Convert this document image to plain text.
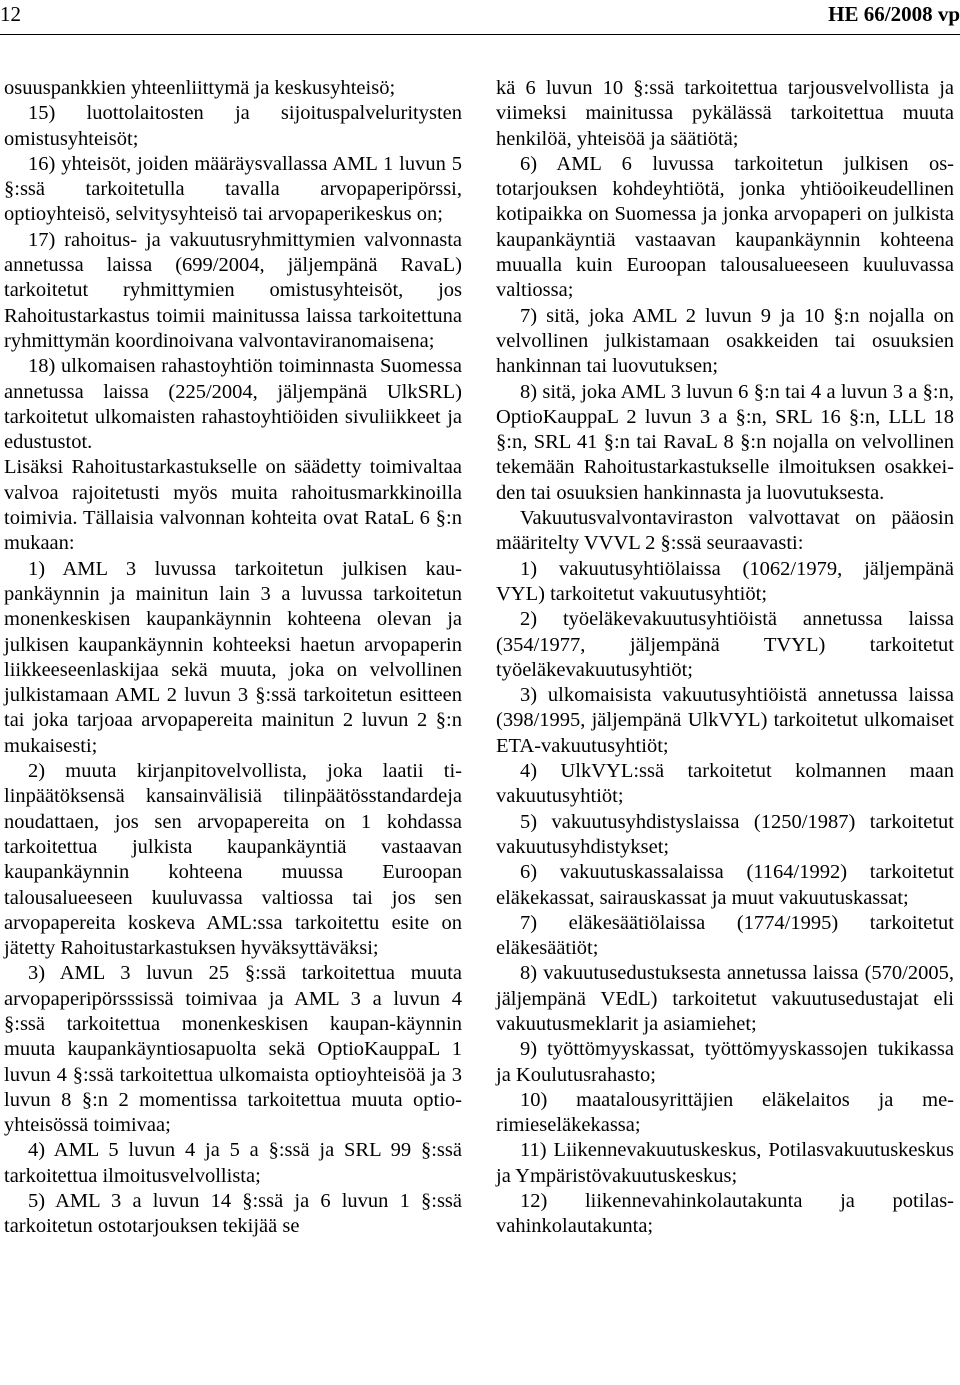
12	HE 66/2008 vp

osuuspankkien yhteenliittymä ja keskusyhteisö;

15) luottolaitosten ja sijoituspalveluritysten omistusyhteisöt;

16) yhteisöt, joiden määräysvallassa AML 1 luvun 5 §:ssä tarkoitetulla tavalla arvopaperipörssi, optioyhteisö, selvitysyhteisö tai arvopaperikeskus on;

17) rahoitus- ja vakuutusryhmittymien valvonnasta annetussa laissa (699/2004, jäljempänä RavaL) tarkoitetut ryhmittymien omistusyhteisöt, jos Rahoitustarkastus toimii mainitussa laissa tarkoitettuna ryhmittymän koordinoivana valvontaviranomaisena;

18) ulkomaisen rahastoyhtiön toiminnasta Suomessa annetussa laissa (225/2004, jäljempänä UlkSRL) tarkoitetut ulkomaisten rahastoyhtiöiden sivuliikkeet ja edustustot.

Lisäksi Rahoitustarkastukselle on säädetty toimivaltaa valvoa rajoitetusti myös muita rahoitusmarkkinoilla toimivia. Tällaisia valvonnan kohteita ovat RataL 6 §:n mukaan:

1) AML 3 luvussa tarkoitetun julkisen kaupankäynnin ja mainitun lain 3 a luvussa tarkoitetun monenkeskisen kaupankäynnin kohteena olevan ja julkisen kaupankäynnin kohteeksi haetun arvopaperin liikkeeseenlaskijaa sekä muuta, joka on velvollinen julkistamaan AML 2 luvun 3 §:ssä tarkoitetun esitteen tai joka tarjoaa arvopapereita mainitun 2 luvun 2 §:n mukaisesti;

2) muuta kirjanpitovelvollista, joka laatii tilinpäätöksensä kansainvälisiä tilinpäätösstandardeja noudattaen, jos sen arvopapereita on 1 kohdassa tarkoitettua julkista kaupankäyntiä vastaavan kaupankäynnin kohteena muussa Euroopan talousalueeseen kuuluvassa valtiossa tai jos sen arvopapereita koskeva AML:ssa tarkoitettu esite on jätetty Rahoitustarkastuksen hyväksyttäväksi;

3) AML 3 luvun 25 §:ssä tarkoitettua muuta arvopaperipörsssissä toimivaa ja AML 3 a luvun 4 §:ssä tarkoitettua monenkeskisen kaupan-käynnin muuta kaupankäyntiosapuolta sekä OptioKauppaL 1 luvun 4 §:ssä tarkoitettua ulkomaista optioyhteisöä ja 3 luvun 8 §:n 2 momentissa tarkoitettua muuta optioyhteisössä toimivaa;

4) AML 5 luvun 4 ja 5 a §:ssä ja SRL 99 §:ssä tarkoitettua ilmoitusvelvollista;

5) AML 3 a luvun 14 §:ssä ja 6 luvun 1 §:ssä tarkoitetun ostotarjouksen tekijää se

kä 6 luvun 10 §:ssä tarkoitettua tarjousvelvollista ja viimeksi mainitussa pykälässä tarkoitettua muuta henkilöä, yhteisöä ja säätiötä;

6) AML 6 luvussa tarkoitetun julkisen ostotarjouksen kohdeyhtiötä, jonka yhtiöoikeudellinen kotipaikka on Suomessa ja jonka arvopaperi on julkista kaupankäyntiä vastaavan kaupankäynnin kohteena muualla kuin Euroopan talousalueeseen kuuluvassa valtiossa;

7) sitä, joka AML 2 luvun 9 ja 10 §:n nojalla on velvollinen julkistamaan osakkeiden tai osuuksien hankinnan tai luovutuksen;

8) sitä, joka AML 3 luvun 6 §:n tai 4 a luvun 3 a §:n, OptioKauppaL 2 luvun 3 a §:n, SRL 16 §:n, LLL 18 §:n, SRL 41 §:n tai RavaL 8 §:n nojalla on velvollinen tekemään Rahoitustarkastukselle ilmoituksen osakkeiden tai osuuksien hankinnasta ja luovutuksesta.

Vakuutusvalvontaviraston valvottavat on pääosin määritelty VVVL 2 §:ssä seuraavasti:

1) vakuutusyhtiölaissa (1062/1979, jäljempänä VYL) tarkoitetut vakuutusyhtiöt;

2) työeläkevakuutusyhtiöistä annetussa laissa (354/1977, jäljempänä TVYL) tarkoitetut työeläkevakuutusyhtiöt;

3) ulkomaisista vakuutusyhtiöistä annetussa laissa (398/1995, jäljempänä UlkVYL) tarkoitetut ulkomaiset ETA-vakuutusyhtiöt;

4) UlkVYL:ssä tarkoitetut kolmannen maan vakuutusyhtiöt;

5) vakuutusyhdistyslaissa (1250/1987) tarkoitetut vakuutusyhdistykset;

6) vakuutuskassalaissa (1164/1992) tarkoitetut eläkekassat, sairauskassat ja muut vakuutuskassat;

7) eläkesäätiölaissa (1774/1995) tarkoitetut eläkesäätiöt;

8) vakuutusedustuksesta annetussa laissa (570/2005, jäljempänä VEdL) tarkoitetut vakuutusedustajat eli vakuutusmeklarit ja asiamiehet;

9) työttömyyskassat, työttömyyskassojen tukikassa ja Koulutusrahasto;

10) maatalousyrittäjien eläkelaitos ja merimieseläkekassa;

11) Liikennevakuutuskeskus, Potilasvakuutuskeskus ja Ympäristövakuutuskeskus;

12) liikennevahinkolautakunta ja potilasvahinkolautakunta;
